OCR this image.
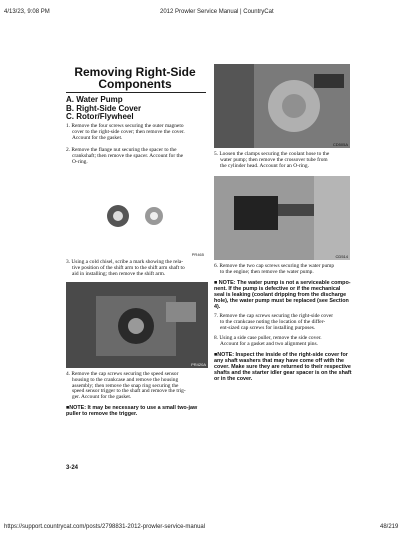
4/13/23, 9:08 PM	2012 Prowler Service Manual | CountryCat
https://support.countrycat.com/posts/2798831-2012-prowler-service-manual	48/219
Removing Right-Side
Components
A. Water Pump
B. Right-Side Cover
C. Rotor/Flywheel
1. Remove the four screws securing the outer magneto
cover to the right-side cover; then remove the cover.
Account for the gasket.
2. Remove the flange nut securing the spacer to the
crankshaft; then remove the spacer. Account for the
O-ring.
PR465
3. Using a cold chisel, scribe a mark showing the rela-
tive position of the shift arm to the shift arm shaft to
aid in installing; then remove the shift arm.
PR420A
4. Remove the cap screws securing the speed sensor
housing to the crankcase and remove the housing
assembly; then remove the snap ring securing the
speed sensor trigger to the shaft and remove the trig-
ger. Account for the gasket.
■NOTE: It may be necessary to use a small two-jaw
puller to remove the trigger.
3-24
CD505A
5. Loosen the clamps securing the coolant hose to the
water pump; then remove the crossover tube from
the cylinder head. Account for an O-ring.
CD514
6. Remove the two cap screws securing the water pump
to the engine; then remove the water pump.
■ NOTE: The water pump is not a serviceable compo-
nent. If the pump is defective or if the mechanical
seal is leaking (coolant dripping from the discharge
hole), the water pump must be replaced (see Section
4).
7. Remove the cap screws securing the right-side cover
to the crankcase noting the location of the differ-
ent-sized cap screws for installing purposes.
8. Using a side case puller, remove the side cover.
Account for a gasket and two alignment pins.
■NOTE: Inspect the inside of the right-side cover for
any shaft washers that may have come off with the
cover. Make sure they are returned to their respective
shafts and the starter idler gear spacer is on the shaft
or in the cover.
